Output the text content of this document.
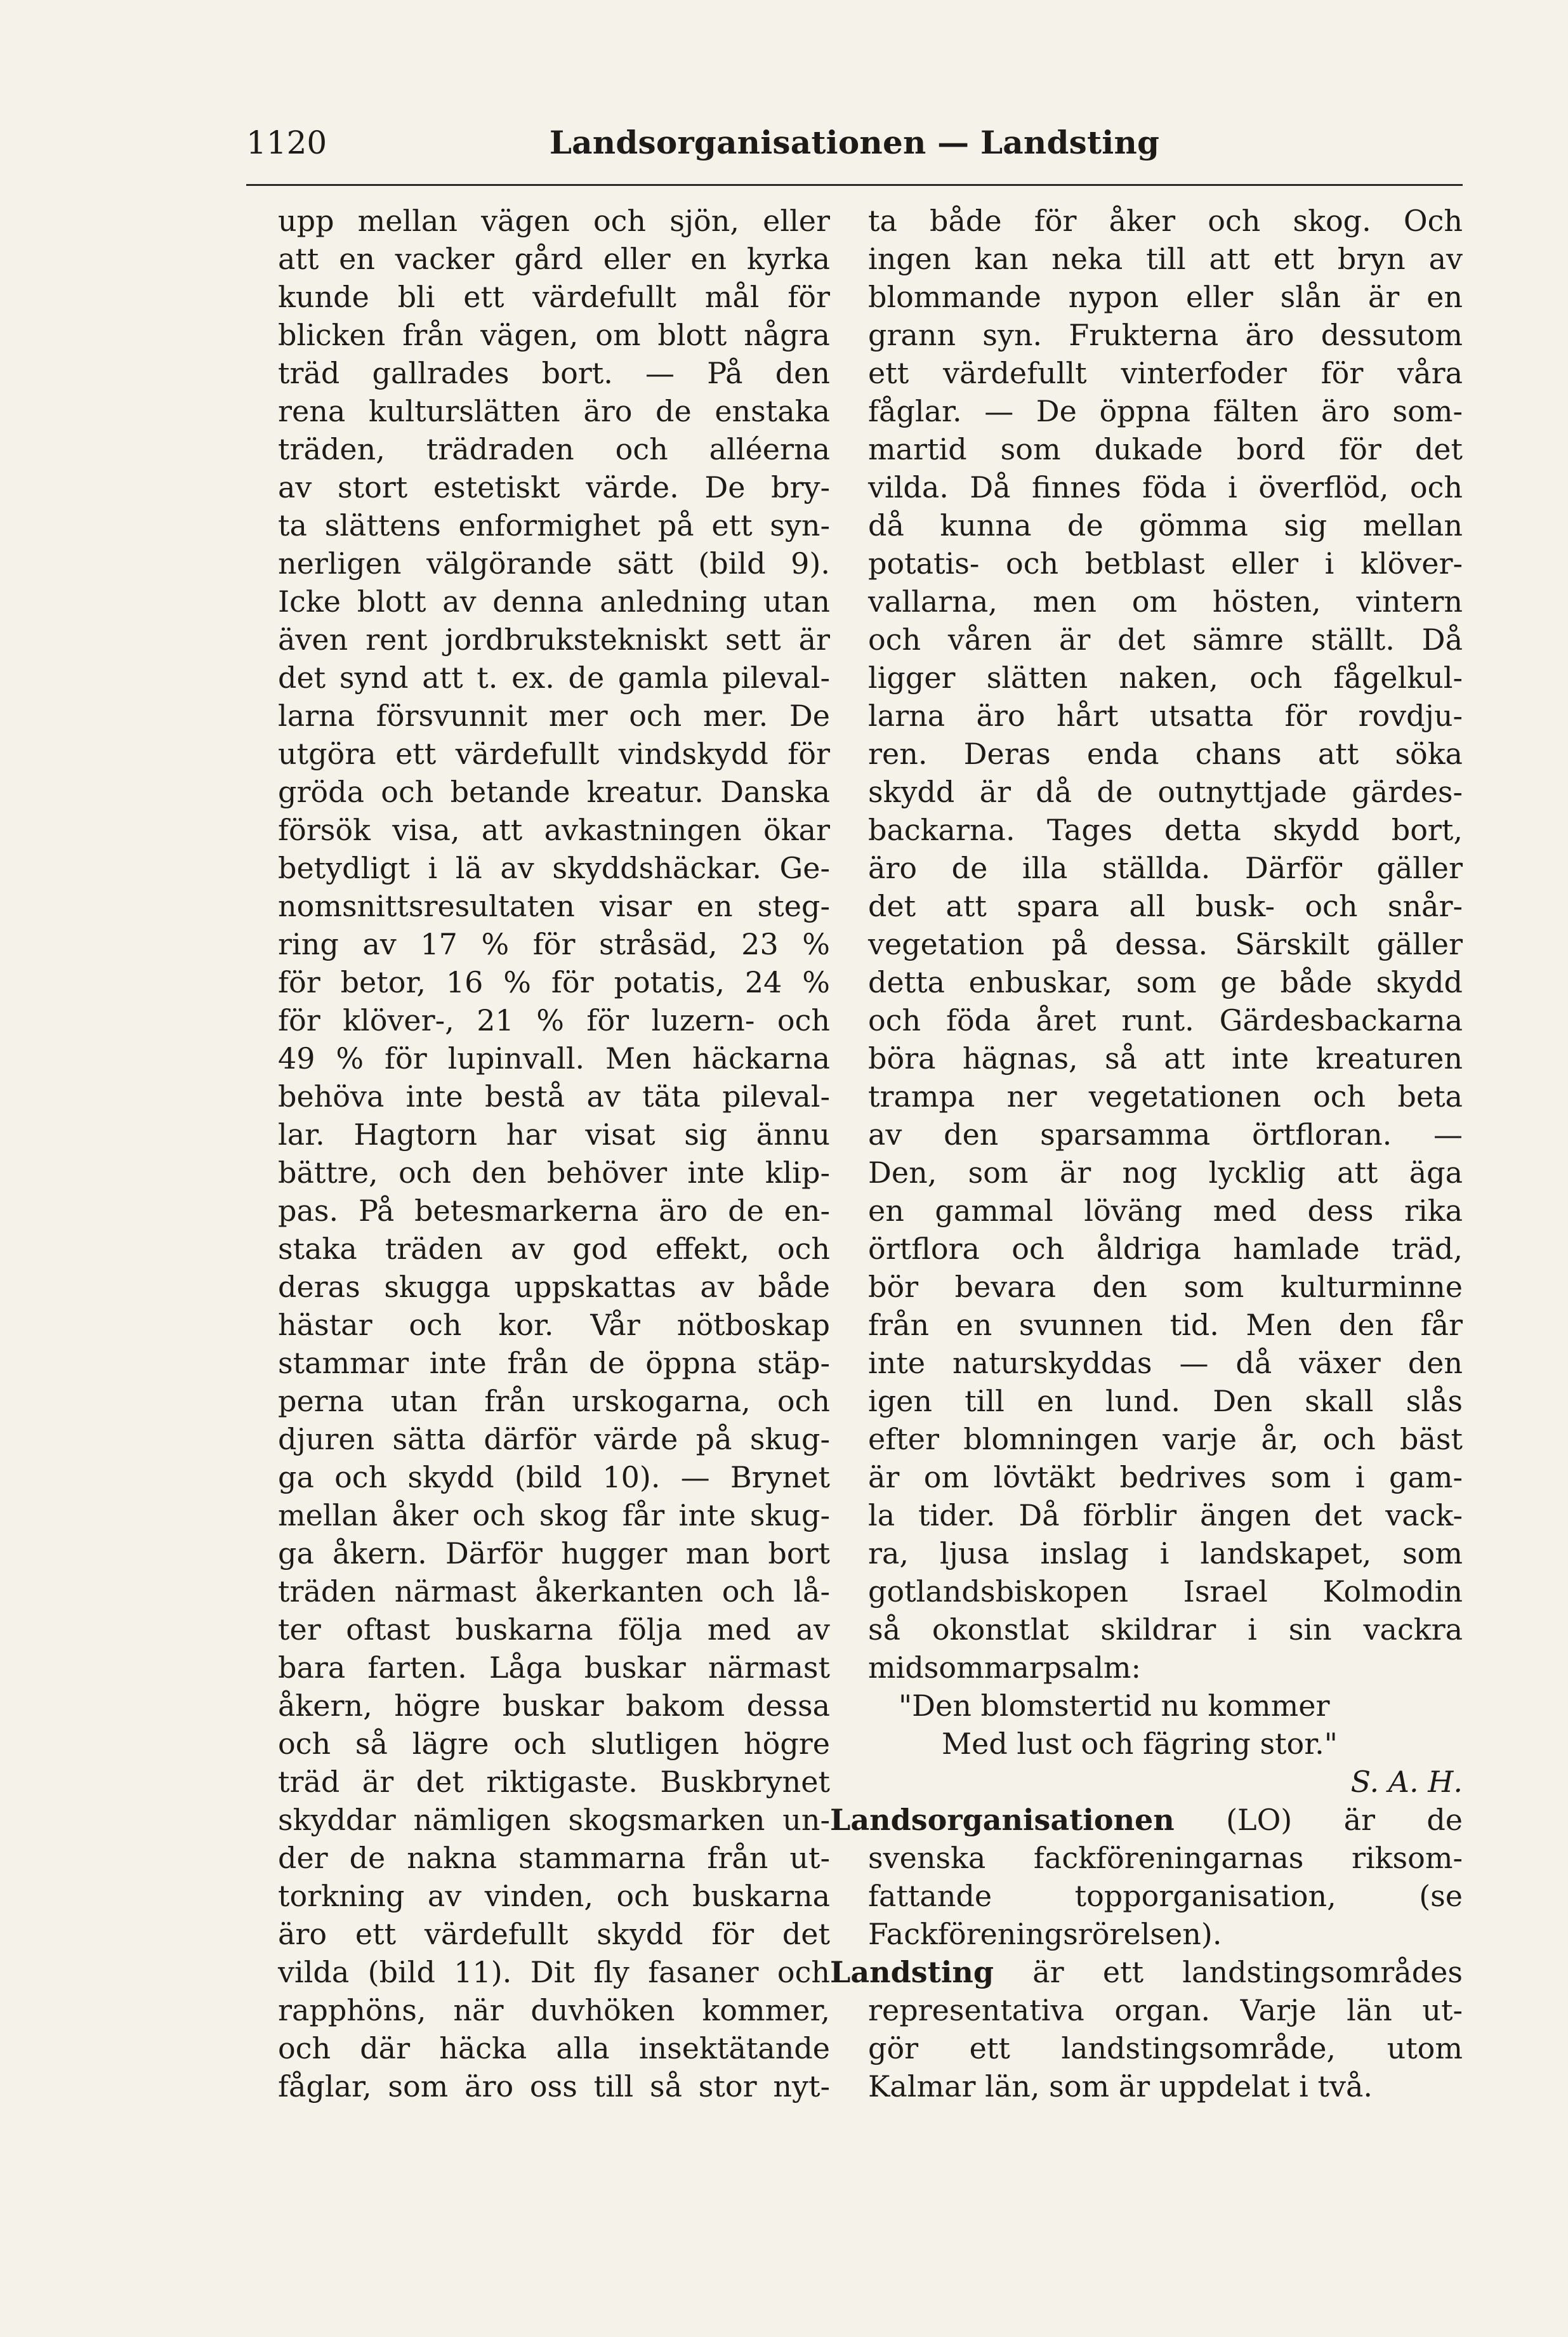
1120	Landsorganisationen — Landsting
upp mellan vägen och sjön, eller
att en vacker gård eller en kyrka
kunde bli ett värdefullt mål för
blicken från vägen, om blott några
träd gallrades bort. — På den
rena kulturslätten äro de enstaka
träden, trädraden och alléerna
av stort estetiskt värde. De bry-
ta slättens enformighet på ett syn-
nerligen välgörande sätt (bild 9).
Icke blott av denna anledning utan
även rent jordbrukstekniskt sett är
det synd att t. ex. de gamla pileval-
larna försvunnit mer och mer. De
utgöra ett värdefullt vindskydd för
gröda och betande kreatur. Danska
försök visa, att avkastningen ökar
betydligt i lä av skyddshäckar. Ge-
nomsnittsresultaten visar en steg-
ring av 17 % för stråsäd, 23 %
för betor, 16 % för potatis, 24 %
för klöver-, 21 % för luzern- och
49 % för lupinvall. Men häckarna
behöva inte bestå av täta pileval-
lar. Hagtorn har visat sig ännu
bättre, och den behöver inte klip-
pas. På betesmarkerna äro de en-
staka träden av god effekt, och
deras skugga uppskattas av både
hästar och kor. Vår nötboskap
stammar inte från de öppna stäp-
perna utan från urskogarna, och
djuren sätta därför värde på skug-
ga och skydd (bild 10). — Brynet
mellan åker och skog får inte skug-
ga åkern. Därför hugger man bort
träden närmast åkerkanten och lå-
ter oftast buskarna följa med av
bara farten. Låga buskar närmast
åkern, högre buskar bakom dessa
och så lägre och slutligen högre
träd är det riktigaste. Buskbrynet
skyddar nämligen skogsmarken un-
der de nakna stammarna från ut-
torkning av vinden, och buskarna
äro ett värdefullt skydd för det
vilda (bild 11). Dit fly fasaner och
rapphöns, när duvhöken kommer,
och där häcka alla insektätande
fåglar, som äro oss till så stor nyt-
ta både för åker och skog. Och
ingen kan neka till att ett bryn av
blommande nypon eller slån är en
grann syn. Frukterna äro dessutom
ett värdefullt vinterfoder för våra
fåglar. — De öppna fälten äro som-
martid som dukade bord för det
vilda. Då finnes föda i överflöd, och
då kunna de gömma sig mellan
potatis- och betblast eller i klöver-
vallarna, men om hösten, vintern
och våren är det sämre ställt. Då
ligger slätten naken, och fågelkul-
larna äro hårt utsatta för rovdju-
ren. Deras enda chans att söka
skydd är då de outnyttjade gärdes-
backarna. Tages detta skydd bort,
äro de illa ställda. Därför gäller
det att spara all busk- och snår-
vegetation på dessa. Särskilt gäller
detta enbuskar, som ge både skydd
och föda året runt. Gärdesbackarna
böra hägnas, så att inte kreaturen
trampa ner vegetationen och beta
av den sparsamma örtfloran. —
Den, som är nog lycklig att äga
en gammal löväng med dess rika
örtflora och åldriga hamlade träd,
bör bevara den som kulturminne
från en svunnen tid. Men den får
inte naturskyddas — då växer den
igen till en lund. Den skall slås
efter blomningen varje år, och bäst
är om lövtäkt bedrives som i gam-
la tider. Då förblir ängen det vack-
ra, ljusa inslag i landskapet, som
gotlandsbiskopen Israel Kolmodin
så okonstlat skildrar i sin vackra
midsommarpsalm:
"Den blomstertid nu kommer
Med lust och fägring stor."
S. A. H.
Landsorganisationen (LO) är de
svenska fackföreningarnas riksom-
fattande topporganisation, (se
Fackföreningsrörelsen).
Landsting är ett landstingsområdes
representativa organ. Varje län ut-
gör ett landstingsområde, utom
Kalmar län, som är uppdelat i två.
